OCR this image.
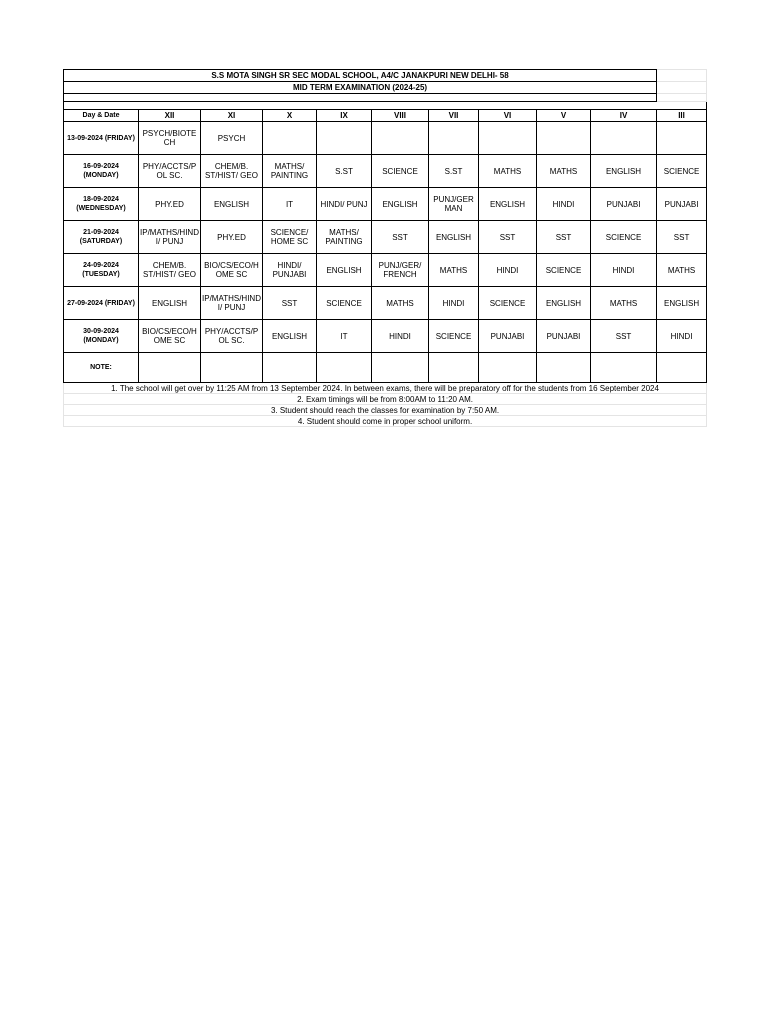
S.S MOTA SINGH SR SEC MODAL SCHOOL, A4/C JANAKPURI NEW DELHI- 58										
MID TERM EXAMINATION (2024-25)										

Day & Date	XII	XI	X	IX	VIII	VII	VI	V	IV	III
13-09-2024 (FRIDAY)	PSYCH/BIOTECH	PSYCH								
16-09-2024 (MONDAY)	PHY/ACCTS/POL SC.	CHEM/B. ST/HIST/ GEO	MATHS/ PAINTING	S.ST	SCIENCE	S.ST	MATHS	MATHS	ENGLISH	SCIENCE
18-09-2024 (WEDNESDAY)	PHY.ED	ENGLISH	IT	HINDI/ PUNJ	ENGLISH	PUNJ/GERMAN	ENGLISH	HINDI	PUNJABI	PUNJABI
21-09-2024 (SATURDAY)	IP/MATHS/HINDI/ PUNJ	PHY.ED	SCIENCE/ HOME SC	MATHS/ PAINTING	SST	ENGLISH	SST	SST	SCIENCE	SST
24-09-2024 (TUESDAY)	CHEM/B. ST/HIST/ GEO	BIO/CS/ECO/HOME SC	HINDI/ PUNJABI	ENGLISH	PUNJ/GER/ FRENCH	MATHS	HINDI	SCIENCE	HINDI	MATHS
27-09-2024 (FRIDAY)	ENGLISH	IP/MATHS/HINDI/ PUNJ	SST	SCIENCE	MATHS	HINDI	SCIENCE	ENGLISH	MATHS	ENGLISH
30-09-2024 (MONDAY)	BIO/CS/ECO/HOME SC	PHY/ACCTS/POL SC.	ENGLISH	IT	HINDI	SCIENCE	PUNJABI	PUNJABI	SST	HINDI
NOTE:										
1. The school will get over by 11:25 AM from 13 September 2024. In between exams, there will be preparatory off for the students from 16 September 2024										
2. Exam timings will be from 8:00AM to 11:20 AM.										
3. Student should reach the classes for examination by 7:50 AM.										
4. Student should come in proper school uniform.										
